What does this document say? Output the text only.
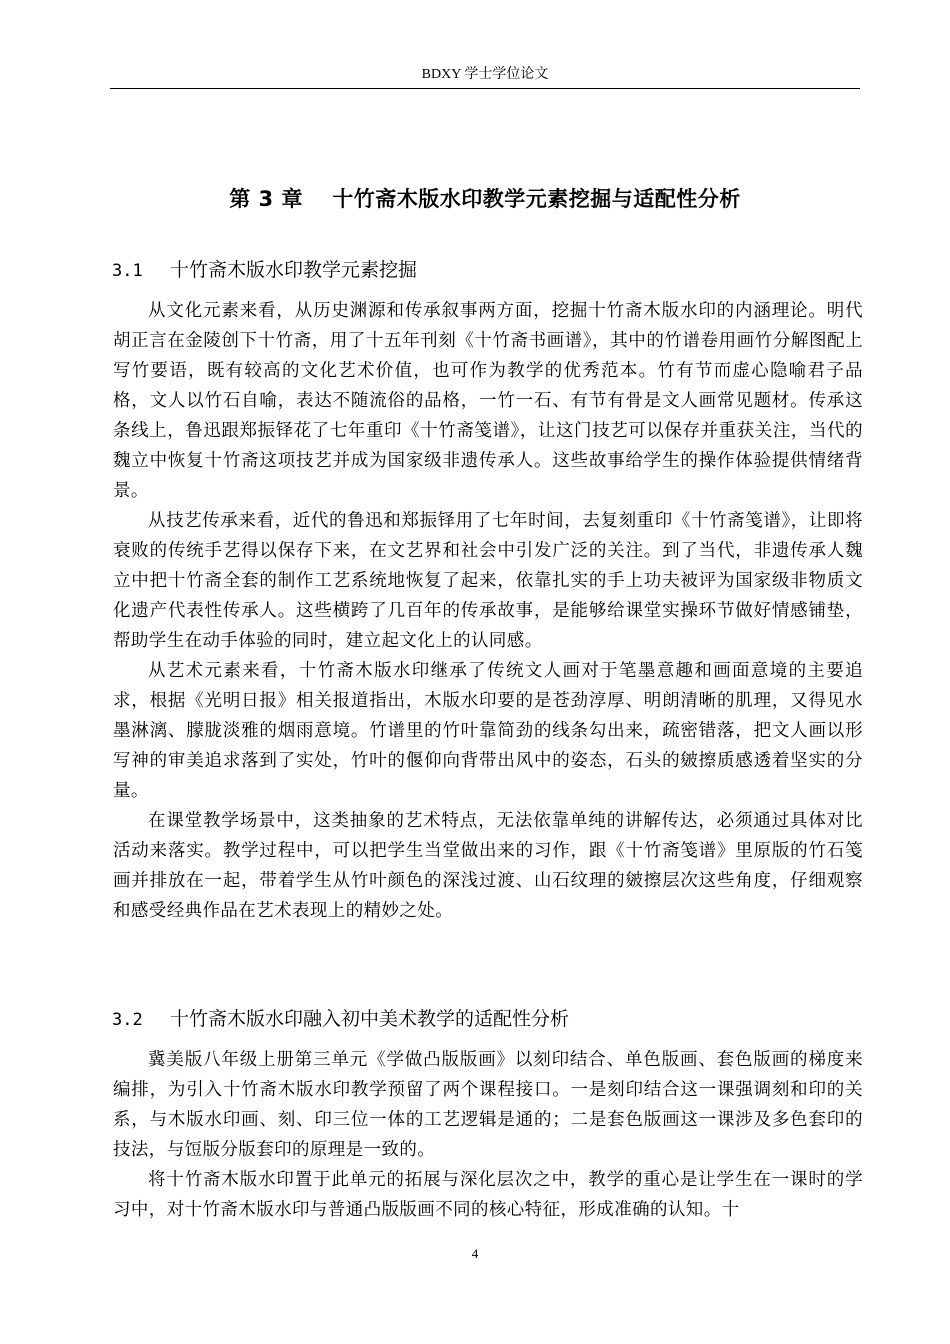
BDXY 学士学位论文
第 3 章　 十竹斋木版水印教学元素挖掘与适配性分析
3.1 十竹斋木版水印教学元素挖掘

从文化元素来看，从历史渊源和传承叙事两方面，挖掘十竹斋木版水印的内涵理论。明代胡正言在金陵创下十竹斋，用了十五年刊刻《十竹斋书画谱》，其中的竹谱卷用画竹分解图配上写竹要语，既有较高的文化艺术价值，也可作为教学的优秀范本。竹有节而虚心隐喻君子品格，文人以竹石自喻，表达不随流俗的品格，一竹一石、有节有骨是文人画常见题材。传承这条线上，鲁迅跟郑振铎花了七年重印《十竹斋笺谱》，让这门技艺可以保存并重获关注，当代的魏立中恢复十竹斋这项技艺并成为国家级非遗传承人。这些故事给学生的操作体验提供情绪背景。

从技艺传承来看，近代的鲁迅和郑振铎用了七年时间，去复刻重印《十竹斋笺谱》，让即将衰败的传统手艺得以保存下来，在文艺界和社会中引发广泛的关注。到了当代，非遗传承人魏立中把十竹斋全套的制作工艺系统地恢复了起来，依靠扎实的手上功夫被评为国家级非物质文化遗产代表性传承人。这些横跨了几百年的传承故事，是能够给课堂实操环节做好情感铺垫，帮助学生在动手体验的同时，建立起文化上的认同感。

从艺术元素来看，十竹斋木版水印继承了传统文人画对于笔墨意趣和画面意境的主要追求，根据《光明日报》相关报道指出，木版水印要的是苍劲淳厚、明朗清晰的肌理，又得见水墨淋漓、朦胧淡雅的烟雨意境。竹谱里的竹叶靠简劲的线条勾出来，疏密错落，把文人画以形写神的审美追求落到了实处，竹叶的偃仰向背带出风中的姿态，石头的皴擦质感透着坚实的分量。

在课堂教学场景中，这类抽象的艺术特点，无法依靠单纯的讲解传达，必须通过具体对比活动来落实。教学过程中，可以把学生当堂做出来的习作，跟《十竹斋笺谱》里原版的竹石笺画并排放在一起，带着学生从竹叶颜色的深浅过渡、山石纹理的皴擦层次这些角度，仔细观察和感受经典作品在艺术表现上的精妙之处。

3.2 十竹斋木版水印融入初中美术教学的适配性分析

冀美版八年级上册第三单元《学做凸版版画》以刻印结合、单色版画、套色版画的梯度来编排，为引入十竹斋木版水印教学预留了两个课程接口。一是刻印结合这一课强调刻和印的关系，与木版水印画、刻、印三位一体的工艺逻辑是通的；二是套色版画这一课涉及多色套印的技法，与饾版分版套印的原理是一致的。

将十竹斋木版水印置于此单元的拓展与深化层次之中，教学的重心是让学生在一课时的学习中，对十竹斋木版水印与普通凸版版画不同的核心特征，形成准确的认知。十

4
